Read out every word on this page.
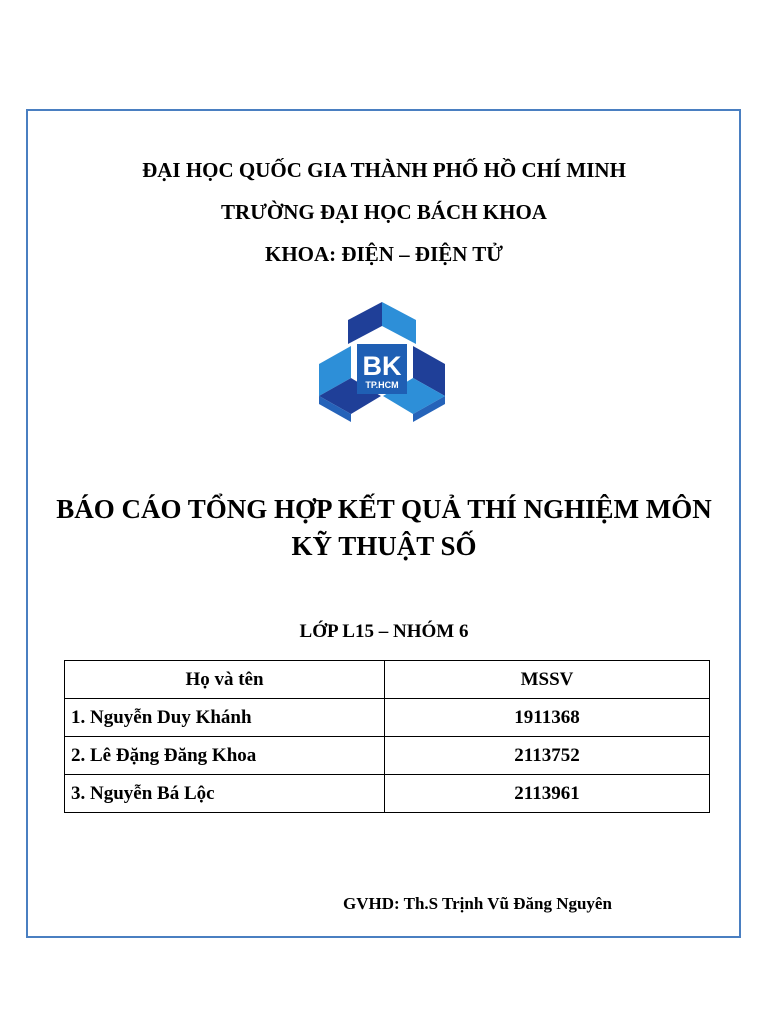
ĐẠI HỌC QUỐC GIA THÀNH PHỐ HỒ CHÍ MINH
TRƯỜNG ĐẠI HỌC BÁCH KHOA
KHOA: ĐIỆN – ĐIỆN TỬ
BK
TP.HCM
BÁO CÁO TỔNG HỢP KẾT QUẢ THÍ NGHIỆM MÔN
KỸ THUẬT SỐ
LỚP L15 – NHÓM 6
Họ và tên	MSSV
1. Nguyễn Duy Khánh	1911368
2. Lê Đặng Đăng Khoa	2113752
3. Nguyễn Bá Lộc	2113961
GVHD: Th.S Trịnh Vũ Đăng Nguyên
